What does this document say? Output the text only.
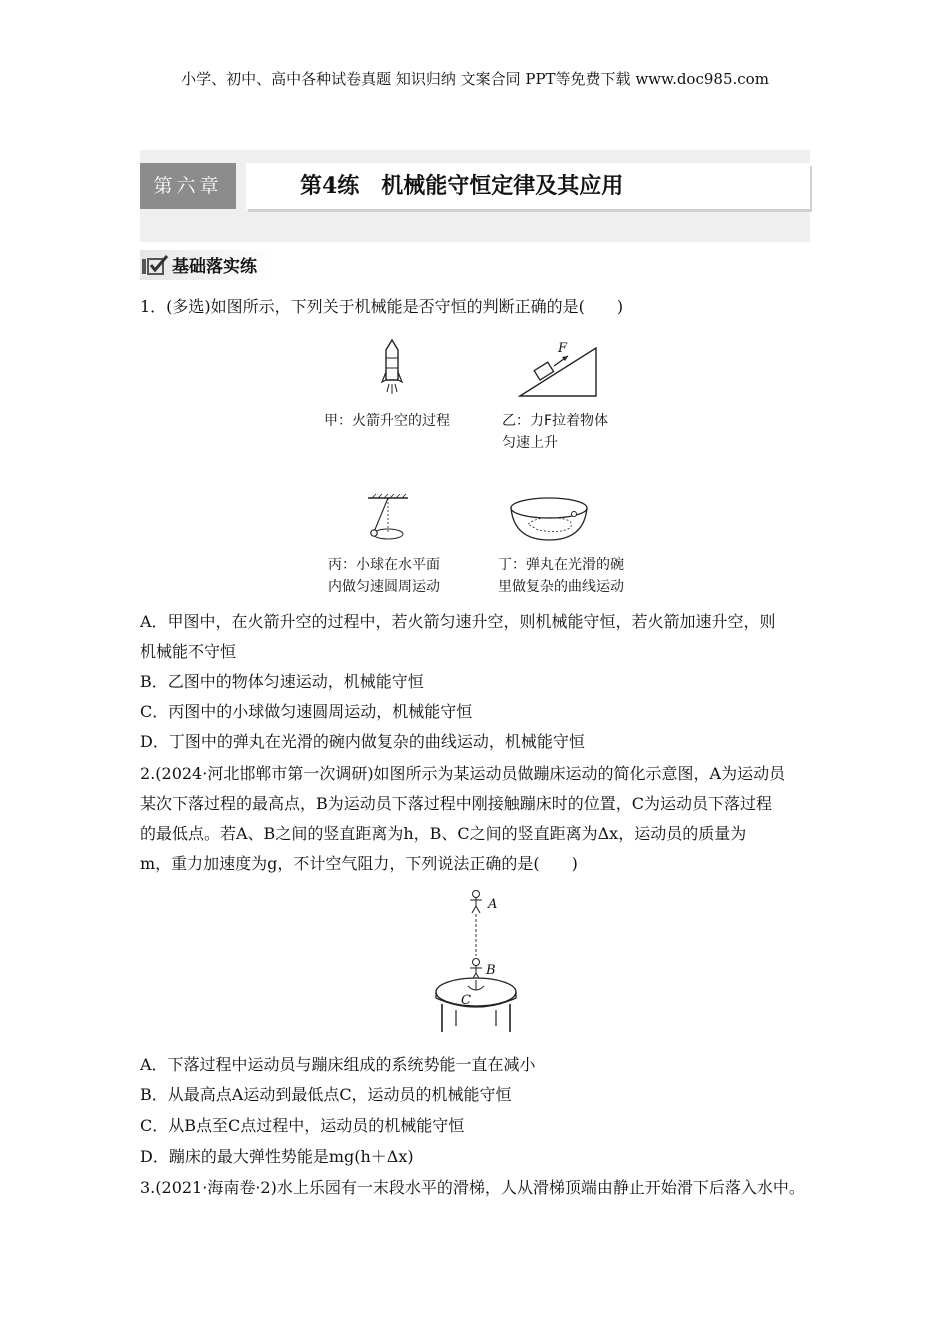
小学、初中、高中各种试卷真题 知识归纳 文案合同 PPT等免费下载 www.doc985.com
第六章	第4练　机械能守恒定律及其应用
基础落实练
1．(多选)如图所示，下列关于机械能是否守恒的判断正确的是(　　)
甲：火箭升空的过程
F
乙：力F拉着物体
匀速上升
丙：小球在水平面
内做匀速圆周运动
丁：弹丸在光滑的碗
里做复杂的曲线运动
A．甲图中，在火箭升空的过程中，若火箭匀速升空，则机械能守恒，若火箭加速升空，则
机械能不守恒
B．乙图中的物体匀速运动，机械能守恒
C．丙图中的小球做匀速圆周运动，机械能守恒
D．丁图中的弹丸在光滑的碗内做复杂的曲线运动，机械能守恒
2.(2024·河北邯郸市第一次调研)如图所示为某运动员做蹦床运动的简化示意图，A为运动员
某次下落过程的最高点，B为运动员下落过程中刚接触蹦床时的位置，C为运动员下落过程
的最低点。若A、B之间的竖直距离为h，B、C之间的竖直距离为Δx，运动员的质量为
m，重力加速度为g，不计空气阻力，下列说法正确的是(　　)
A
B
C
A．下落过程中运动员与蹦床组成的系统势能一直在减小
B．从最高点A运动到最低点C，运动员的机械能守恒
C．从B点至C点过程中，运动员的机械能守恒
D．蹦床的最大弹性势能是mg(h＋Δx)
3.(2021·海南卷·2)水上乐园有一末段水平的滑梯，人从滑梯顶端由静止开始滑下后落入水中。
